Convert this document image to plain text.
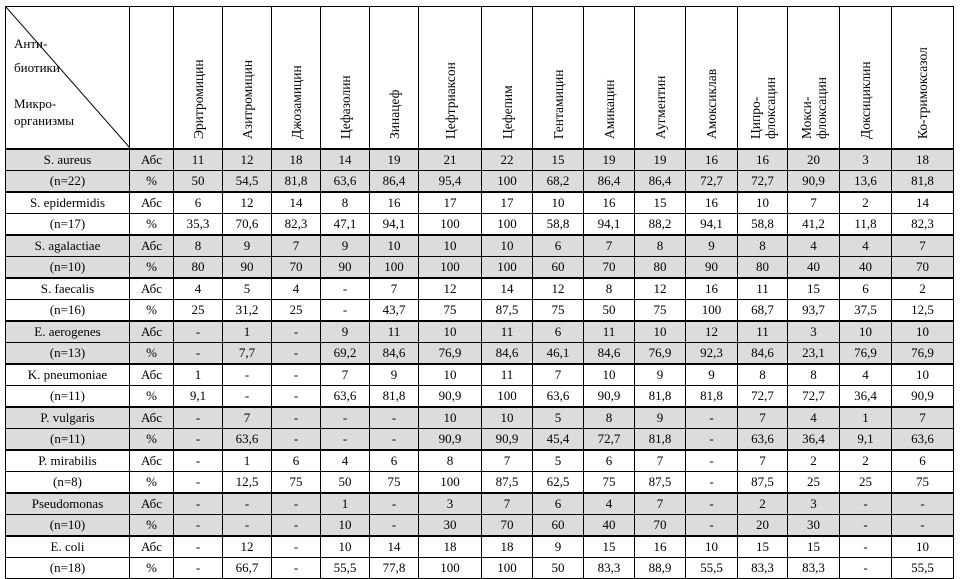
Анти-
биотики
Микро-
организмы		Эритромицин	Азитромицин	Джозамицин	Цефазолин	Зинацеф	Цефтриаксон	Цефепим	Гентамицин	Амикацин	Аугментин	Амоксиклав	Ципро-
флоксацин	Мокси-
флоксацин	Доксициклин	Ко-тримоксазол
S. aureus	Абс	11	12	18	14	19	21	22	15	19	19	16	16	20	3	18
(n=22)	%	50	54,5	81,8	63,6	86,4	95,4	100	68,2	86,4	86,4	72,7	72,7	90,9	13,6	81,8
S. epidermidis	Абс	6	12	14	8	16	17	17	10	16	15	16	10	7	2	14
(n=17)	%	35,3	70,6	82,3	47,1	94,1	100	100	58,8	94,1	88,2	94,1	58,8	41,2	11,8	82,3
S. agalactiae	Абс	8	9	7	9	10	10	10	6	7	8	9	8	4	4	7
(n=10)	%	80	90	70	90	100	100	100	60	70	80	90	80	40	40	70
S. faecalis	Абс	4	5	4	-	7	12	14	12	8	12	16	11	15	6	2
(n=16)	%	25	31,2	25	-	43,7	75	87,5	75	50	75	100	68,7	93,7	37,5	12,5
E. aerogenes	Абс	-	1	-	9	11	10	11	6	11	10	12	11	3	10	10
(n=13)	%	-	7,7	-	69,2	84,6	76,9	84,6	46,1	84,6	76,9	92,3	84,6	23,1	76,9	76,9
K. pneumoniae	Абс	1	-	-	7	9	10	11	7	10	9	9	8	8	4	10
(n=11)	%	9,1	-	-	63,6	81,8	90,9	100	63,6	90,9	81,8	81,8	72,7	72,7	36,4	90,9
P. vulgaris	Абс	-	7	-	-	-	10	10	5	8	9	-	7	4	1	7
(n=11)	%	-	63,6	-	-	-	90,9	90,9	45,4	72,7	81,8	-	63,6	36,4	9,1	63,6
P. mirabilis	Абс	-	1	6	4	6	8	7	5	6	7	-	7	2	2	6
(n=8)	%	-	12,5	75	50	75	100	87,5	62,5	75	87,5	-	87,5	25	25	75
Pseudomonas	Абс	-	-	-	1	-	3	7	6	4	7	-	2	3	-	-
(n=10)	%	-	-	-	10	-	30	70	60	40	70	-	20	30	-	-
E. coli	Абс	-	12	-	10	14	18	18	9	15	16	10	15	15	-	10
(n=18)	%	-	66,7	-	55,5	77,8	100	100	50	83,3	88,9	55,5	83,3	83,3	-	55,5
